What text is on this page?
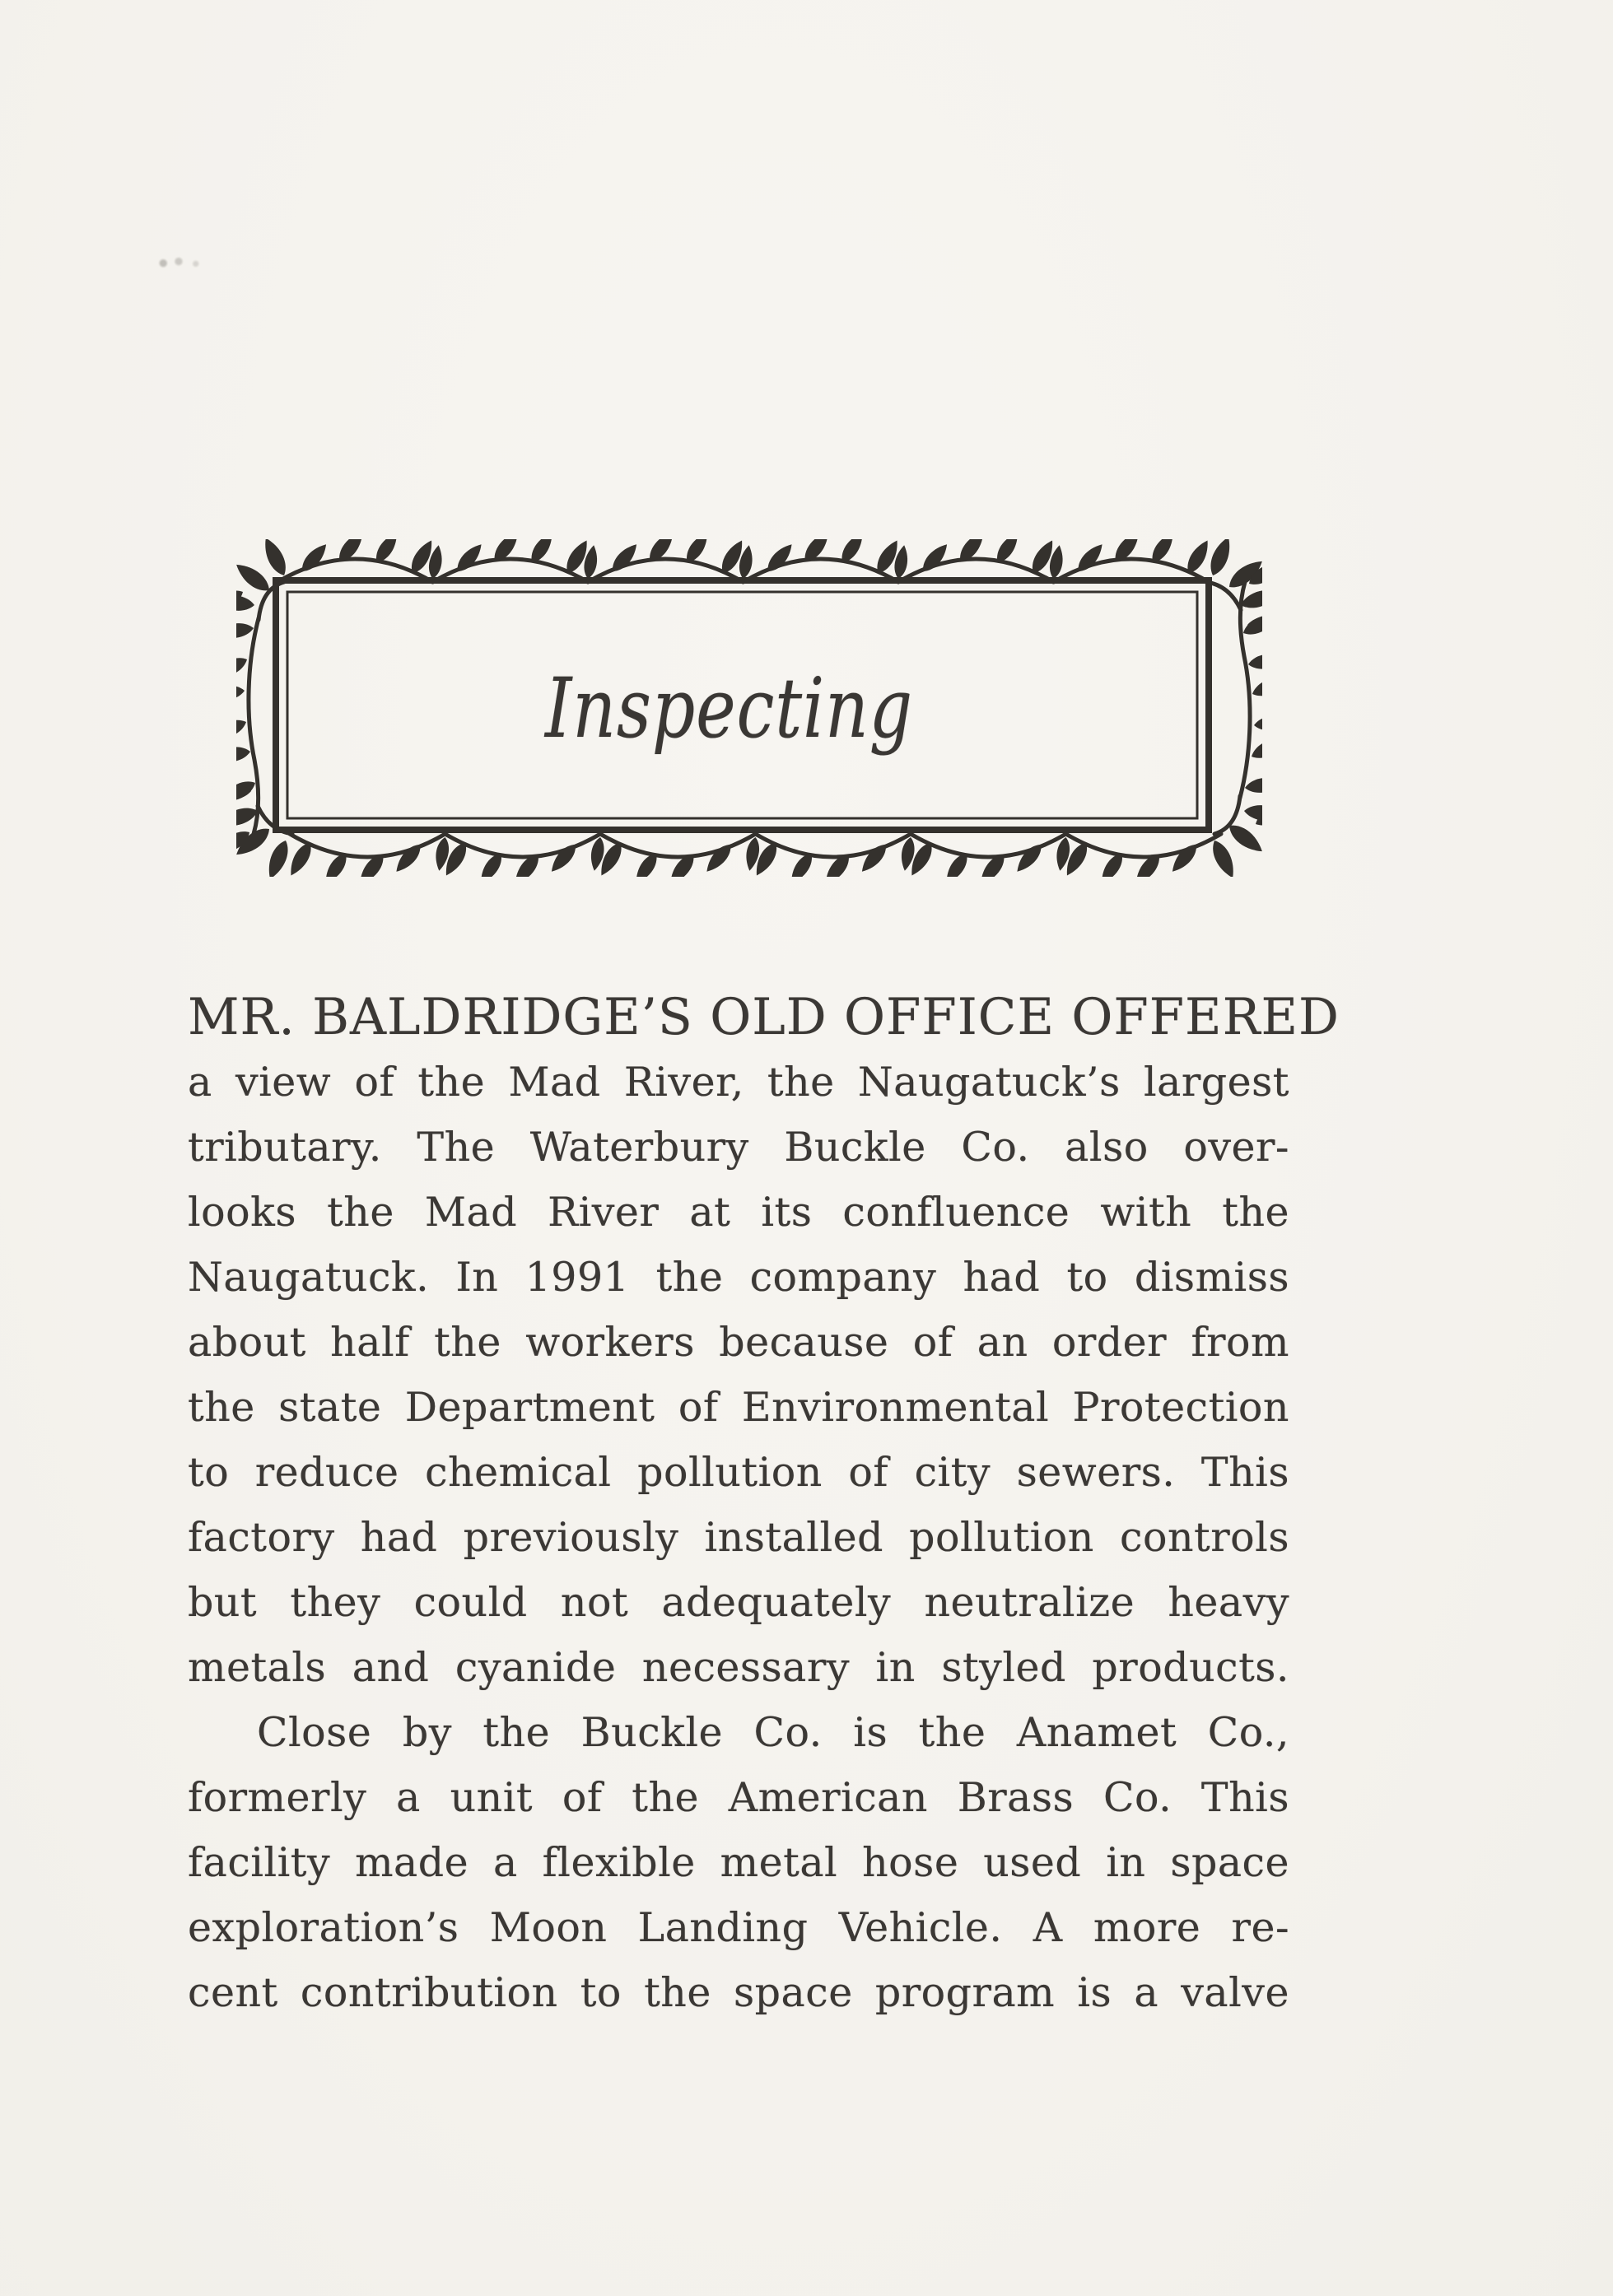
Inspecting
MR. BALDRIDGE’S OLD OFFICE OFFERED
a view of the Mad River, the Naugatuck’s largest
tributary. The Waterbury Buckle Co. also over-
looks the Mad River at its confluence with the
Naugatuck. In 1991 the company had to dismiss
about half the workers because of an order from
the state Department of Environmental Protection
to reduce chemical pollution of city sewers. This
factory had previously installed pollution controls
but they could not adequately neutralize heavy
metals and cyanide necessary in styled products.
Close by the Buckle Co. is the Anamet Co.,
formerly a unit of the American Brass Co. This
facility made a flexible metal hose used in space
exploration’s Moon Landing Vehicle. A more re-
cent contribution to the space program is a valve
